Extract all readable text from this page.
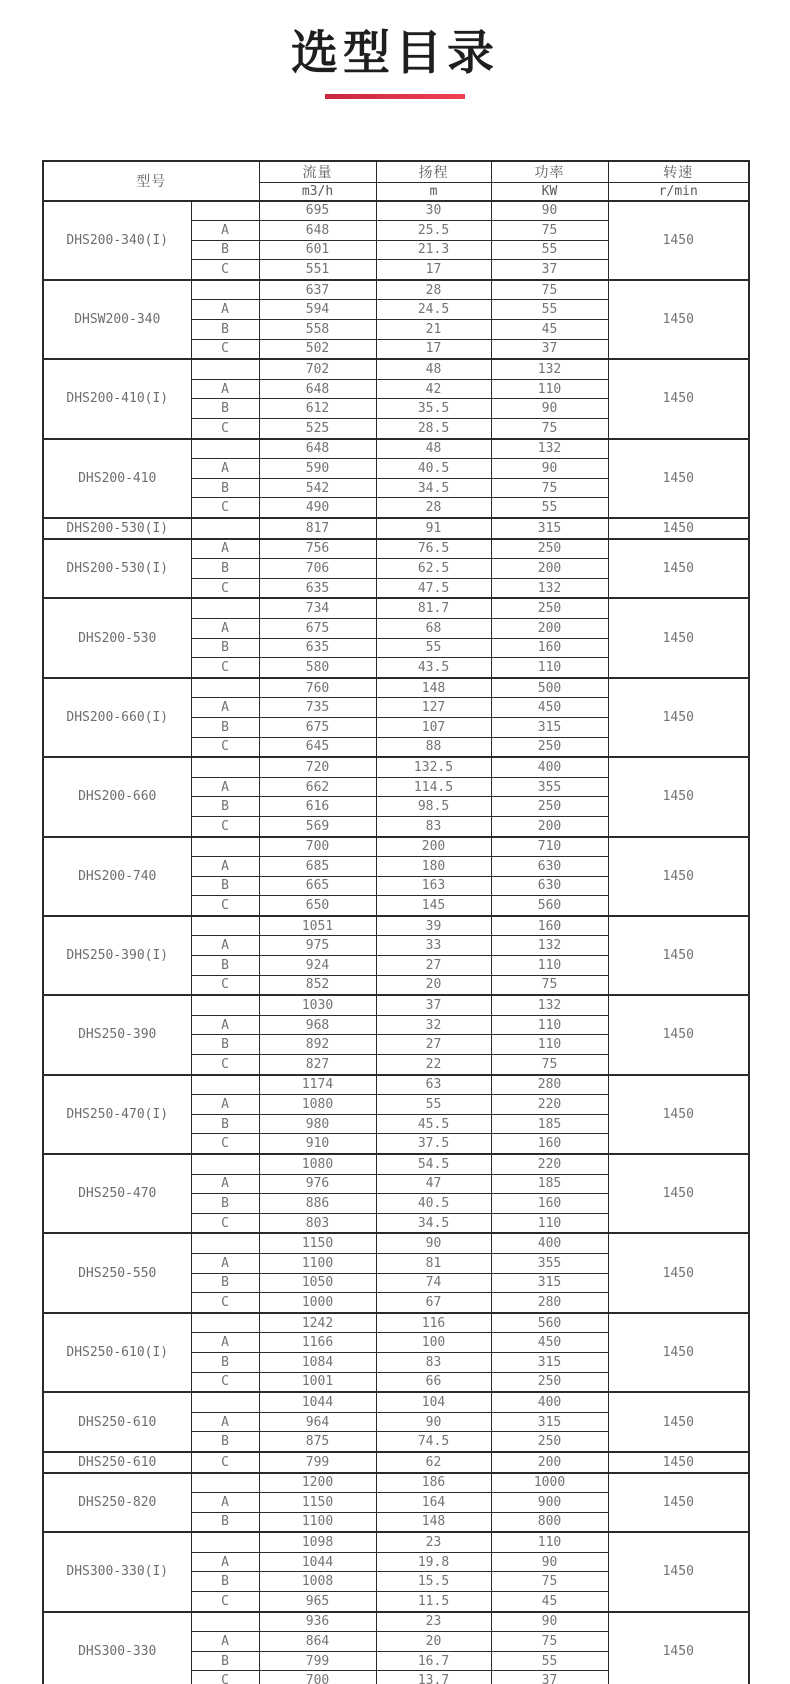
选型目录
型号		流量	扬程	功率	转速
		m3/h	m	KW	r/min
DHS200-340(I)		695	30	90	1450
	A	648	25.5	75	
	B	601	21.3	55	
	C	551	17	37	
DHSW200-340		637	28	75	1450
	A	594	24.5	55	
	B	558	21	45	
	C	502	17	37	
DHS200-410(I)		702	48	132	1450
	A	648	42	110	
	B	612	35.5	90	
	C	525	28.5	75	
DHS200-410		648	48	132	1450
	A	590	40.5	90	
	B	542	34.5	75	
	C	490	28	55	
DHS200-530(I)		817	91	315	1450
DHS200-530(I)	A	756	76.5	250	1450
	B	706	62.5	200	
	C	635	47.5	132	
DHS200-530		734	81.7	250	1450
	A	675	68	200	
	B	635	55	160	
	C	580	43.5	110	
DHS200-660(I)		760	148	500	1450
	A	735	127	450	
	B	675	107	315	
	C	645	88	250	
DHS200-660		720	132.5	400	1450
	A	662	114.5	355	
	B	616	98.5	250	
	C	569	83	200	
DHS200-740		700	200	710	1450
	A	685	180	630	
	B	665	163	630	
	C	650	145	560	
DHS250-390(I)		1051	39	160	1450
	A	975	33	132	
	B	924	27	110	
	C	852	20	75	
DHS250-390		1030	37	132	1450
	A	968	32	110	
	B	892	27	110	
	C	827	22	75	
DHS250-470(I)		1174	63	280	1450
	A	1080	55	220	
	B	980	45.5	185	
	C	910	37.5	160	
DHS250-470		1080	54.5	220	1450
	A	976	47	185	
	B	886	40.5	160	
	C	803	34.5	110	
DHS250-550		1150	90	400	1450
	A	1100	81	355	
	B	1050	74	315	
	C	1000	67	280	
DHS250-610(I)		1242	116	560	1450
	A	1166	100	450	
	B	1084	83	315	
	C	1001	66	250	
DHS250-610		1044	104	400	1450
	A	964	90	315	
	B	875	74.5	250	
DHS250-610	C	799	62	200	1450
DHS250-820		1200	186	1000	1450
	A	1150	164	900	
	B	1100	148	800	
DHS300-330(I)		1098	23	110	1450
	A	1044	19.8	90	
	B	1008	15.5	75	
	C	965	11.5	45	
DHS300-330		936	23	90	1450
	A	864	20	75	
	B	799	16.7	55	
	C	700	13.7	37	
